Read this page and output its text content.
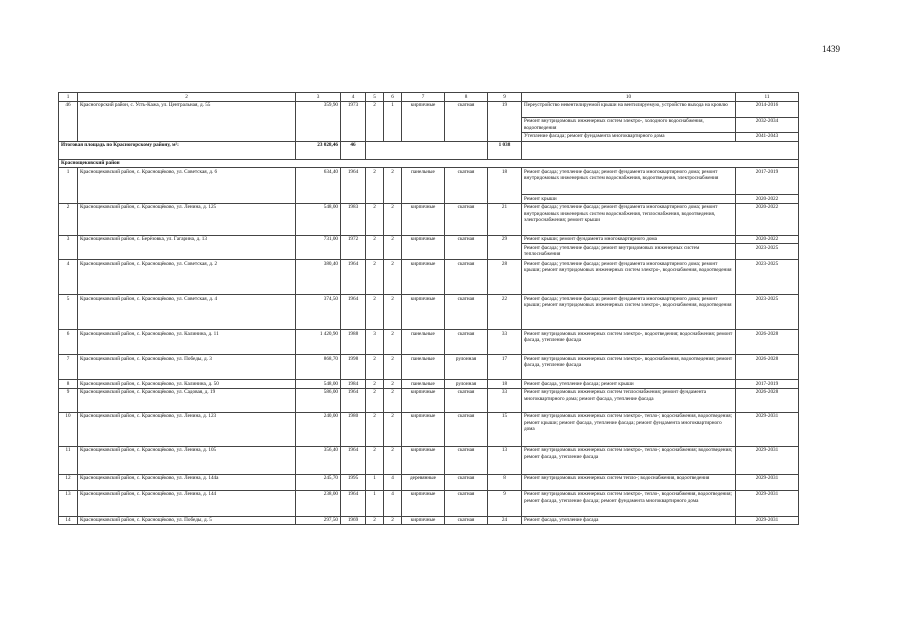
1439
1	2	3	4	5	6	7	8	9	10	11
46	Красногорский район, с. Усть-Кажа, ул. Центральная, д. 55	359,90	1973	2	1	кирпичные	скатная	19	Переустройство невентилируемой крыши на вентилируемую, устройство выхода на кровлю	2014-2016
									Ремонт внутридомовых инженерных систем электро-, холодного водоснабжения, водоотведения	2032-2034
									Утепление фасада; ремонт фундамента многоквартирного дома	2041-2043
Итоговая площадь по Красногорскому району, м²:		23 028,46	46					1 038		
Краснощековский район										
1	Краснощековский район, с. Краснощёково, ул. Советская, д. 6	634,40	1964	2	2	панельные	скатная	18	Ремонт фасада; утепление фасада; ремонт фундамента многоквартирного дома; ремонт внутридомовых инженерных систем водоснабжения, водоотведения, электроснабжения	2017-2019
									Ремонт крыши	2020-2022
2	Краснощековский район, с. Краснощёково, ул. Ленина, д. 125	548,00	1983	2	2	кирпичные	скатная	21	Ремонт фасада; утепление фасада; ремонт фундамента многоквартирного дома; ремонт внутридомовых инженерных систем водоснабжения, теплоснабжения, водоотведения, электроснабжения; ремонт крыши	2020-2022
3	Краснощековский район, с. Берёзовка, ул. Гагарина, д. 13	731,00	1972	2	2	кирпичные	скатная	29	Ремонт крыши; ремонт фундамента многоквартирного дома	2020-2022
									Ремонт фасада; утепление фасада; ремонт внутридомовых инженерных систем теплоснабжения	2023-2025
4	Краснощековский район, с. Краснощёково, ул. Советская, д. 2	380,40	1964	2	2	кирпичные	скатная	28	Ремонт фасада; утепление фасада; ремонт фундамента многоквартирного дома; ремонт крыши; ремонт внутридомовых инженерных систем электро-, водоснабжения, водоотведения	2023-2025
5	Краснощековский район, с. Краснощёково, ул. Советская, д. 4	374,50	1964	2	2	кирпичные	скатная	22	Ремонт фасада; утепление фасада; ремонт фундамента многоквартирного дома; ремонт крыши; ремонт внутридомовых инженерных систем электро-, водоснабжения, водоотведения	2023-2025
6	Краснощековский район, с. Краснощёково, ул. Калинина, д. 11	1 420,90	1988	3	2	панельные	скатная	33	Ремонт внутридомовых инженерных систем электро-, водоотведения; водоснабжения; ремонт фасада, утепление фасада	2026-2028
7	Краснощековский район, с. Краснощёково, ул. Победы, д. 3	868,70	1998	2	2	панельные	рулонная	17	Ремонт внутридомовых инженерных систем электро-, водоснабжения, водоотведения; ремонт фасада, утепление фасада	2026-2028
8	Краснощековский район, с. Краснощёково, ул. Калинина, д. 50	548,00	1984	2	2	панельные	рулонная	18	Ремонт фасада, утепление фасада; ремонт крыши	2017-2019
9	Краснощековский район, с. Краснощёково, ул. Садовая, д. 19	586,00	1964	2	2	кирпичные	скатная	33	Ремонт внутридомовых инженерных систем теплоснабжения; ремонт фундамента многоквартирного дома; ремонт фасада, утепление фасада	2026-2028
10	Краснощековский район, с. Краснощёково, ул. Ленина, д. 123	240,00	1980	2	2	кирпичные	скатная	15	Ремонт внутридомовых инженерных систем электро-, тепло-; водоснабжения, водоотведения; ремонт крыши; ремонт фасада, утепление фасада; ремонт фундамента многоквартирного дома	2029-2031
11	Краснощековский район, с. Краснощёково, ул. Ленина, д. 105	356,40	1964	2	2	кирпичные	скатная	13	Ремонт внутридомовых инженерных систем электро-, тепло-; водоснабжения; водоотведения; ремонт фасада, утепление фасада	2029-2031
12	Краснощековский район, с. Краснощёково, ул. Ленина, д. 144а	245,70	1995	1	4	деревянные	скатная	8	Ремонт внутридомовых инженерных систем тепло-; водоснабжения, водоотведения	2029-2031
13	Краснощековский район, с. Краснощёково, ул. Ленина, д. 144	238,00	1964	1	4	кирпичные	скатная	9	Ремонт внутридомовых инженерных систем электро-, тепло-, водоснабжения, водоотведения; ремонт фасада, утепление фасада; ремонт фундамента многоквартирного дома	2029-2031
14	Краснощековский район, с. Краснощёково, ул. Победы, д. 5	297,50	1969	2	2	кирпичные	скатная	24	Ремонт фасада, утепление фасада	2029-2031
